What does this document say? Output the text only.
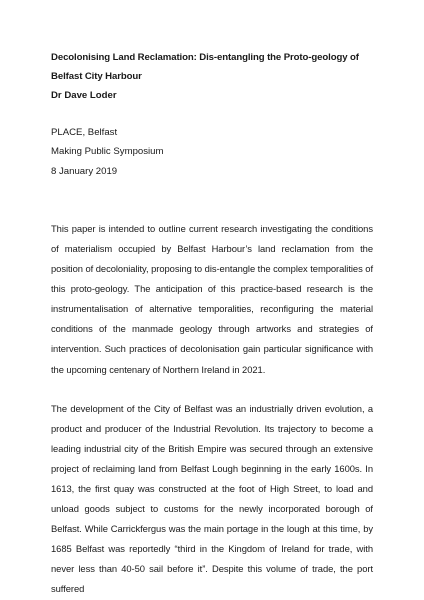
Decolonising Land Reclamation: Dis-entangling the Proto-geology of Belfast City Harbour

Dr Dave Loder

PLACE, Belfast
Making Public Symposium
8 January 2019

This paper is intended to outline current research investigating the conditions of materialism occupied by Belfast Harbour’s land reclamation from the position of decoloniality, proposing to dis-entangle the complex temporalities of this proto-geology. The anticipation of this practice-based research is the instrumentalisation of alternative temporalities, reconfiguring the material conditions of the manmade geology through artworks and strategies of intervention. Such practices of decolonisation gain particular significance with the upcoming centenary of Northern Ireland in 2021.

The development of the City of Belfast was an industrially driven evolution, a product and producer of the Industrial Revolution. Its trajectory to become a leading industrial city of the British Empire was secured through an extensive project of reclaiming land from Belfast Lough beginning in the early 1600s. In 1613, the first quay was constructed at the foot of High Street, to load and unload goods subject to customs for the newly incorporated borough of Belfast. While Carrickfergus was the main portage in the lough at this time, by 1685 Belfast was reportedly “third in the Kingdom of Ireland for trade, with never less than 40-50 sail before it”. Despite this volume of trade, the port suffered
